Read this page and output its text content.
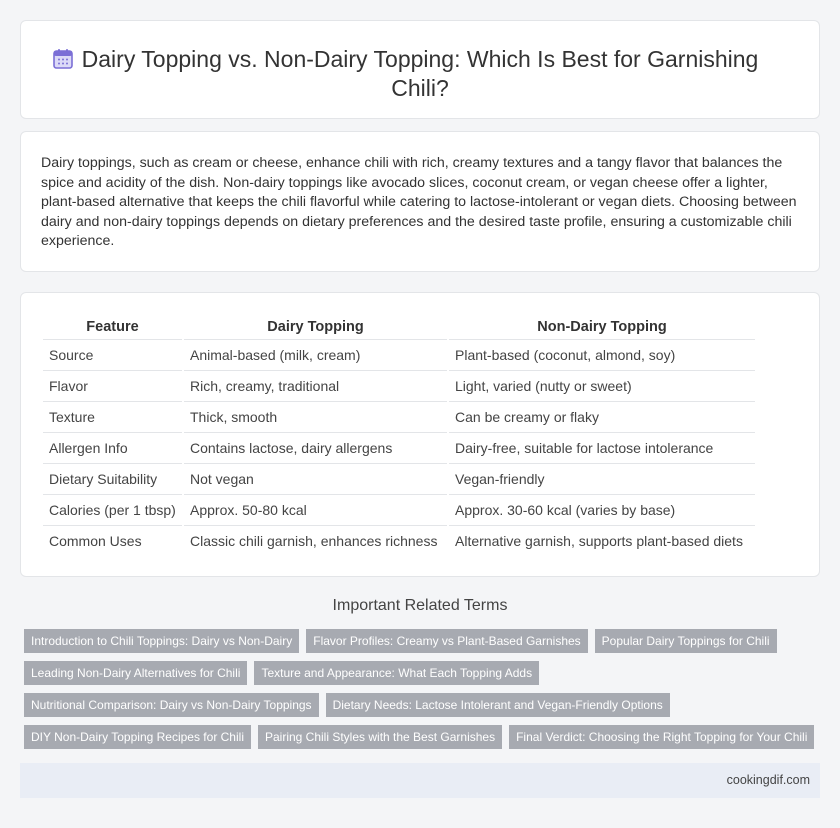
Dairy Topping vs. Non-Dairy Topping: Which Is Best for Garnishing Chili?

Dairy toppings, such as cream or cheese, enhance chili with rich, creamy textures and a tangy flavor that balances the spice and acidity of the dish. Non-dairy toppings like avocado slices, coconut cream, or vegan cheese offer a lighter, plant-based alternative that keeps the chili flavorful while catering to lactose-intolerant or vegan diets. Choosing between dairy and non-dairy toppings depends on dietary preferences and the desired taste profile, ensuring a customizable chili experience.

Feature	Dairy Topping	Non-Dairy Topping
Source	Animal-based (milk, cream)	Plant-based (coconut, almond, soy)
Flavor	Rich, creamy, traditional	Light, varied (nutty or sweet)
Texture	Thick, smooth	Can be creamy or flaky
Allergen Info	Contains lactose, dairy allergens	Dairy-free, suitable for lactose intolerance
Dietary Suitability	Not vegan	Vegan-friendly
Calories (per 1 tbsp)	Approx. 50-80 kcal	Approx. 30-60 kcal (varies by base)
Common Uses	Classic chili garnish, enhances richness	Alternative garnish, supports plant-based diets
Important Related Terms
Introduction to Chili Toppings: Dairy vs Non-Dairy	Flavor Profiles: Creamy vs Plant-Based Garnishes	Popular Dairy Toppings for Chili
Leading Non-Dairy Alternatives for Chili	Texture and Appearance: What Each Topping Adds
Nutritional Comparison: Dairy vs Non-Dairy Toppings	Dietary Needs: Lactose Intolerant and Vegan-Friendly Options
DIY Non-Dairy Topping Recipes for Chili	Pairing Chili Styles with the Best Garnishes	Final Verdict: Choosing the Right Topping for Your Chili
cookingdif.com
